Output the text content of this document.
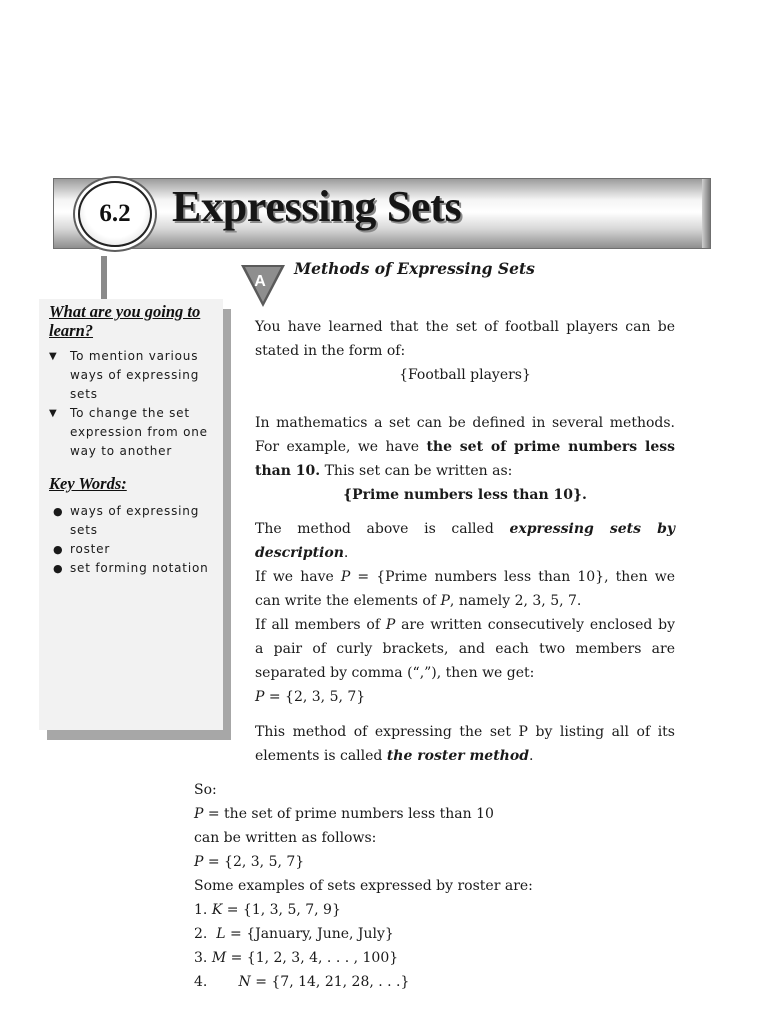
6.2 Expressing Sets

What are you going to learn?

▼ To mention various ways of expressing sets
▼ To change the set expression from one way to another

Key Words:

● ways of expressing sets
● roster
● set forming notation
A
Methods of Expressing Sets

You have learned that the set of football players can be stated in the form of:

{Football players}

In mathematics a set can be defined in several methods. For example, we have the set of prime numbers less than 10. This set can be written as:

{Prime numbers less than 10}.

The method above is called expressing sets by description.

If we have P = {Prime numbers less than 10}, then we can write the elements of P, namely 2, 3, 5, 7.

If all members of P are written consecutively enclosed by a pair of curly brackets, and each two members are separated by comma (“,”), then we get:
P = {2, 3, 5, 7}

This method of expressing the set P by listing all of its elements is called the roster method.

So:
P = the set of prime numbers less than 10
can be written as follows:
P = {2, 3, 5, 7}
Some examples of sets expressed by roster are:
1. K = {1, 3, 5, 7, 9}
2. L = {January, June, July}
3. M = {1, 2, 3, 4, . . . , 100}
4. N = {7, 14, 21, 28, . . .}
